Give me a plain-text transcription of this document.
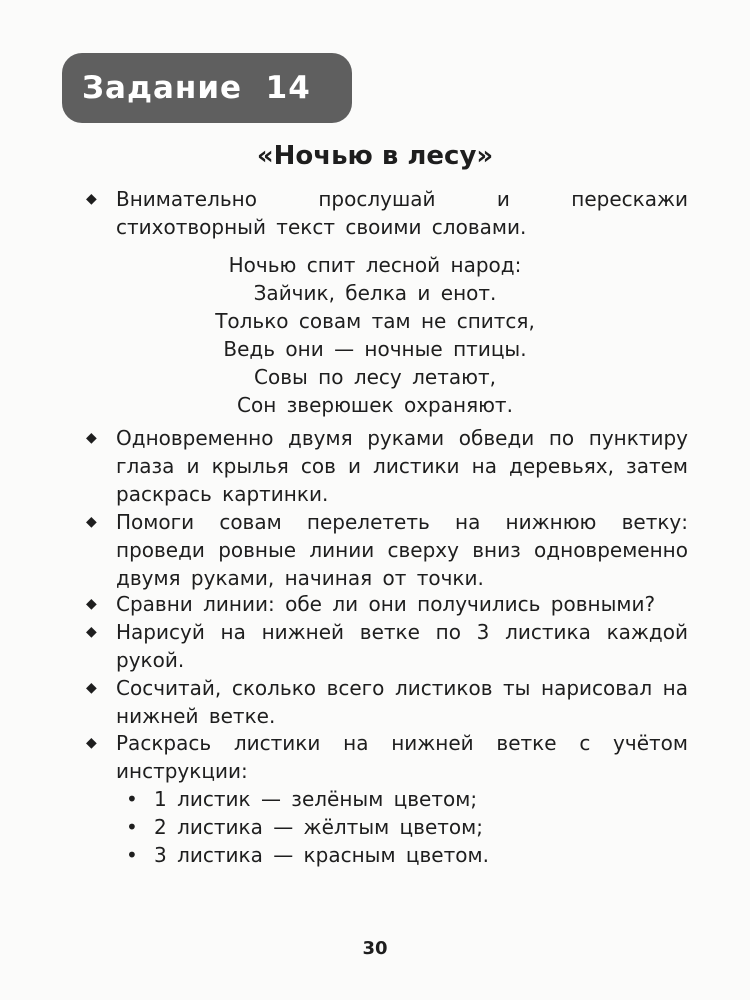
Задание  14
«Ночью в лесу»

◆ Внимательно прослушай и перескажи стихотворный текст своими словами.

Ночью спит лесной народ:
Зайчик, белка и енот.
Только совам там не спится,
Ведь они — ночные птицы.
Совы по лесу летают,
Сон зверюшек охраняют.

◆ Одновременно двумя руками обведи по пунктиру глаза и крылья сов и листики на деревьях, затем раскрась картинки.

◆ Помоги совам перелететь на нижнюю ветку: проведи ровные линии сверху вниз одновременно двумя руками, начиная от точки.

◆ Сравни линии: обе ли они получились ровными?

◆ Нарисуй на нижней ветке по 3 листика каждой рукой.

◆ Сосчитай, сколько всего листиков ты нарисовал на нижней ветке.

◆ Раскрась листики на нижней ветке с учётом инструкции:

• 1 листик — зелёным цветом;
• 2 листика — жёлтым цветом;
• 3 листика — красным цветом.
30
